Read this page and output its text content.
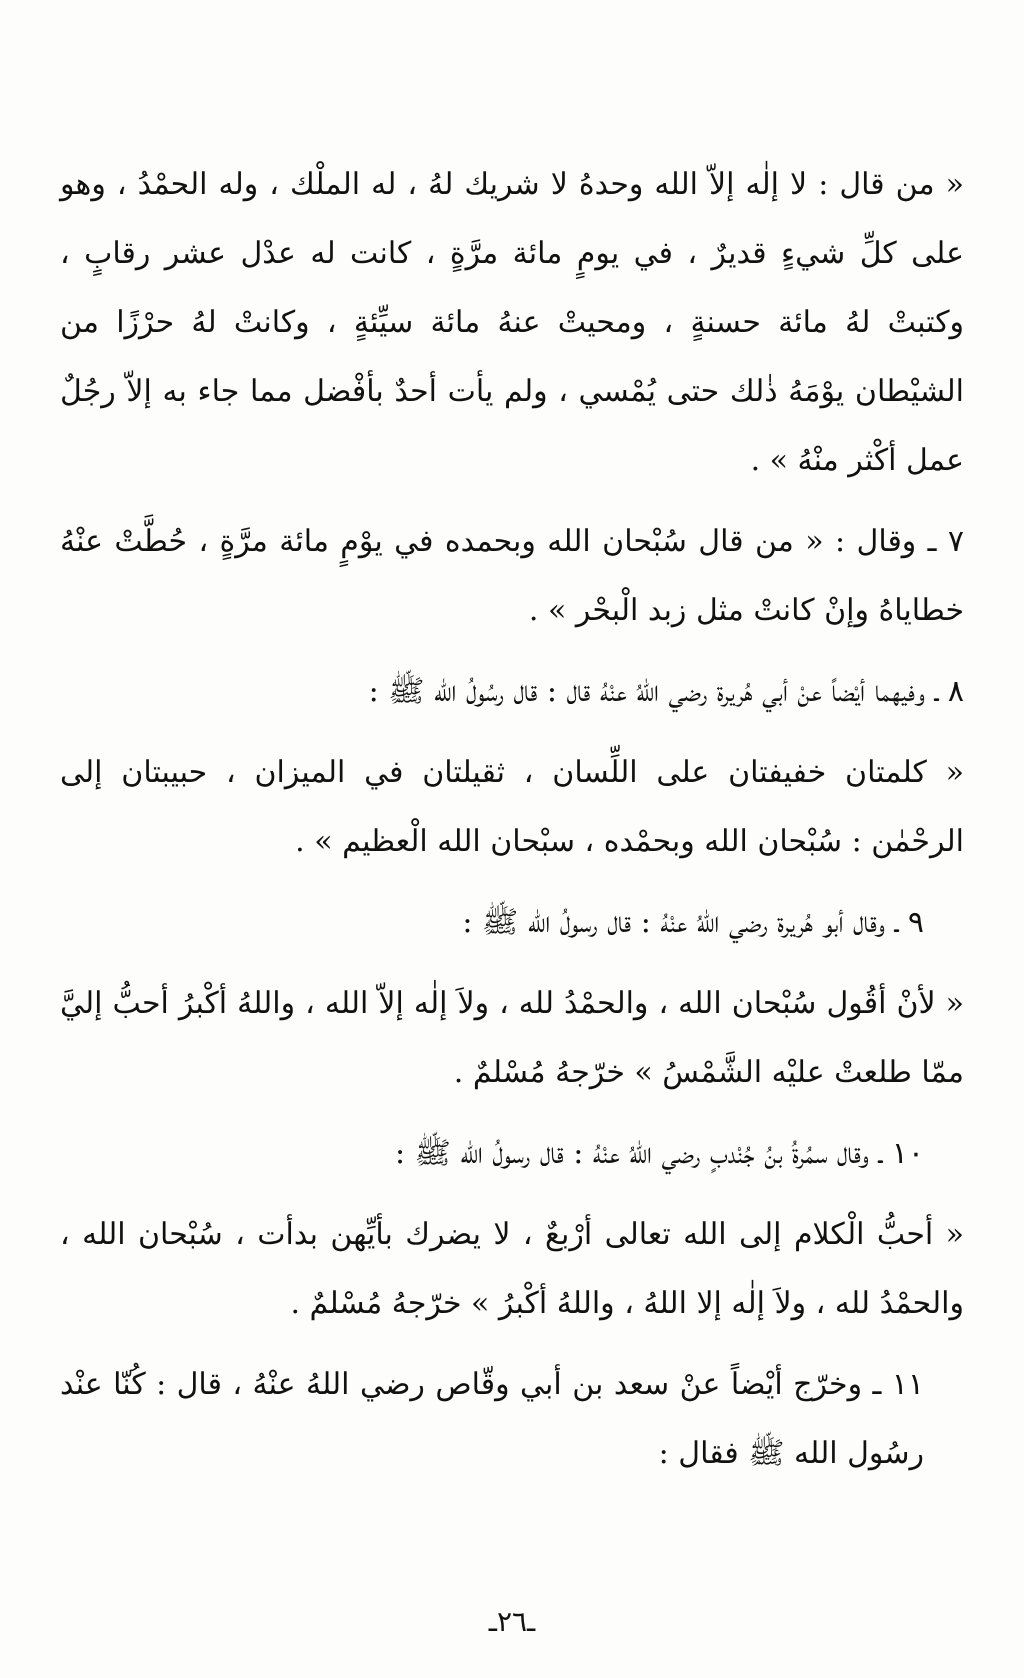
« من قال : لا إلٰه إلاّ الله وحدهُ لا شريك لهُ ، له الملْك ، وله الحمْدُ ، وهو على كلِّ شيءٍ قديرٌ ، في يومٍ مائة مرَّةٍ ، كانت له عدْل عشر رقابٍ ، وكتبتْ لهُ مائة حسنةٍ ، ومحيتْ عنهُ مائة سيِّئةٍ ، وكانتْ لهُ حرْزًا من الشيْطان يوْمَهُ ذٰلك حتى يُمْسي ، ولم يأت أحدٌ بأفْضل مما جاء به إلاّ رجُلٌ عمل أكْثر منْهُ » .

٧ ـ وقال : « من قال سُبْحان الله وبحمده في يوْمٍ مائة مرَّةٍ ، حُطَّتْ عنْهُ خطاياهُ وإنْ كانتْ مثل زبد الْبحْر » .

٨ ـ وفيهما أيْضاً عنْ أبي هُريرة رضي اللهُ عنْهُ قال : قال رسُولُ الله ﷺ :

« كلمتان خفيفتان على اللِّسان ، ثقيلتان في الميزان ، حبيبتان إلى الرحْمٰن : سُبْحان الله وبحمْده ، سبْحان الله الْعظيم » .

٩ ـ وقال أبو هُريرة رضي اللهُ عنْهُ : قال رسولُ الله ﷺ :

« لأنْ أقُول سُبْحان الله ، والحمْدُ لله ، ولاَ إلٰه إلاّ الله ، واللهُ أكْبرُ أحبُّ إليَّ ممّا طلعتْ عليْه الشَّمْسُ » خرّجهُ مُسْلمٌ .

١٠ ـ وقال سمُرةُ بنُ جُنْدبٍ رضي اللهُ عنْهُ : قال رسولُ الله ﷺ :

« أحبُّ الْكلام إلى الله تعالى أرْبعٌ ، لا يضرك بأيِّهن بدأت ، سُبْحان الله ، والحمْدُ لله ، ولاَ إلٰه إلا اللهُ ، واللهُ أكْبرُ » خرّجهُ مُسْلمٌ .

١١ ـ وخرّج أيْضاً عنْ سعد بن أبي وقّاص رضي اللهُ عنْهُ ، قال : كُنّا عنْد رسُول الله ﷺ فقال :

ـ٢٦ـ
